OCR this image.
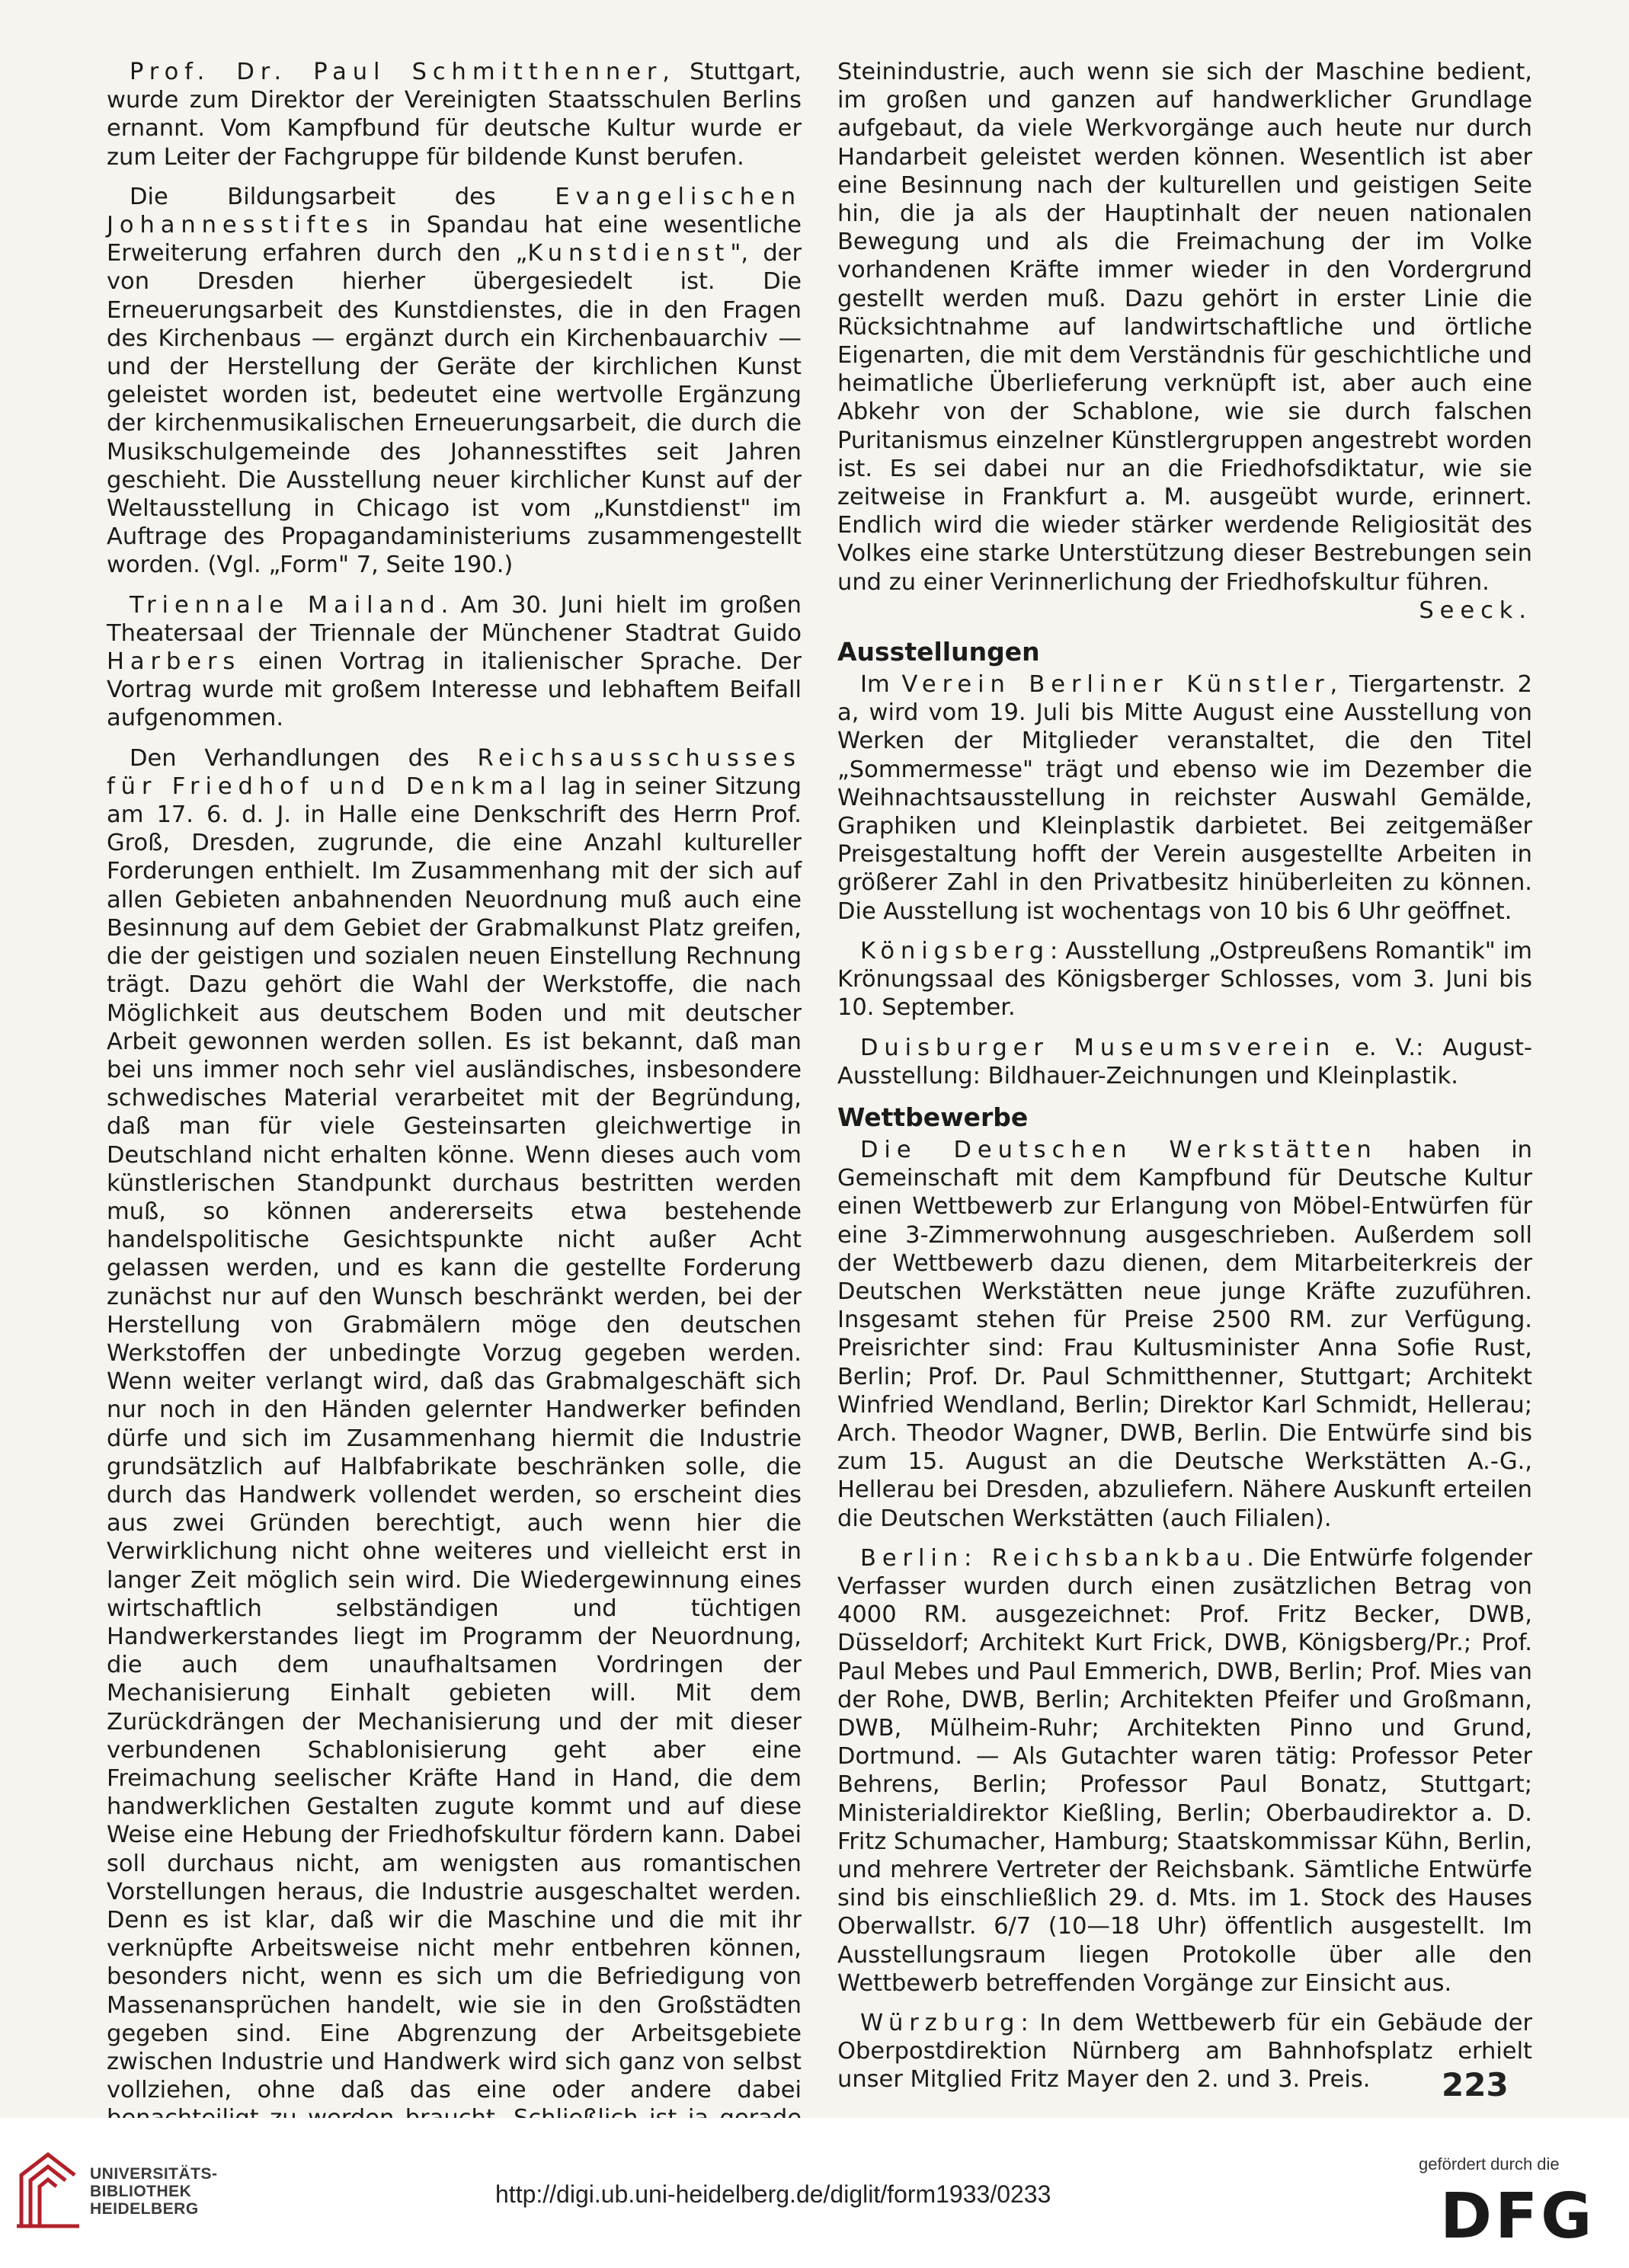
Prof. Dr. Paul Schmitthenner, Stuttgart, wurde zum Direktor der Vereinigten Staatsschulen Berlins ernannt. Vom Kampfbund für deutsche Kultur wurde er zum Leiter der Fachgruppe für bildende Kunst berufen.

Die Bildungsarbeit des Evangelischen Johannesstiftes in Spandau hat eine wesentliche Erweiterung erfahren durch den „Kunstdienst", der von Dresden hierher übergesiedelt ist. Die Erneuerungsarbeit des Kunstdienstes, die in den Fragen des Kirchenbaus — ergänzt durch ein Kirchenbauarchiv — und der Herstellung der Geräte der kirchlichen Kunst geleistet worden ist, bedeutet eine wertvolle Ergänzung der kirchenmusikalischen Erneuerungsarbeit, die durch die Musikschulgemeinde des Johannesstiftes seit Jahren geschieht. Die Ausstellung neuer kirchlicher Kunst auf der Weltausstellung in Chicago ist vom „Kunstdienst" im Auftrage des Propagandaministeriums zusammengestellt worden. (Vgl. „Form" 7, Seite 190.)

Triennale Mailand. Am 30. Juni hielt im großen Theatersaal der Triennale der Münchener Stadtrat Guido Harbers einen Vortrag in italienischer Sprache. Der Vortrag wurde mit großem Interesse und lebhaftem Beifall aufgenommen.

Den Verhandlungen des Reichsausschusses für Friedhof und Denkmal lag in seiner Sitzung am 17. 6. d. J. in Halle eine Denkschrift des Herrn Prof. Groß, Dresden, zugrunde, die eine Anzahl kultureller Forderungen enthielt. Im Zusammenhang mit der sich auf allen Gebieten anbahnenden Neuordnung muß auch eine Besinnung auf dem Gebiet der Grabmalkunst Platz greifen, die der geistigen und sozialen neuen Einstellung Rechnung trägt. Dazu gehört die Wahl der Werkstoffe, die nach Möglichkeit aus deutschem Boden und mit deutscher Arbeit gewonnen werden sollen. Es ist bekannt, daß man bei uns immer noch sehr viel ausländisches, insbesondere schwedisches Material verarbeitet mit der Begründung, daß man für viele Gesteinsarten gleichwertige in Deutschland nicht erhalten könne. Wenn dieses auch vom künstlerischen Standpunkt durchaus bestritten werden muß, so können andererseits etwa bestehende handelspolitische Gesichtspunkte nicht außer Acht gelassen werden, und es kann die gestellte Forderung zunächst nur auf den Wunsch beschränkt werden, bei der Herstellung von Grabmälern möge den deutschen Werkstoffen der unbedingte Vorzug gegeben werden. Wenn weiter verlangt wird, daß das Grabmalgeschäft sich nur noch in den Händen gelernter Handwerker befinden dürfe und sich im Zusammenhang hiermit die Industrie grundsätzlich auf Halbfabrikate beschränken solle, die durch das Handwerk vollendet werden, so erscheint dies aus zwei Gründen berechtigt, auch wenn hier die Verwirklichung nicht ohne weiteres und vielleicht erst in langer Zeit möglich sein wird. Die Wiedergewinnung eines wirtschaftlich selbständigen und tüchtigen Handwerkerstandes liegt im Programm der Neuordnung, die auch dem unaufhaltsamen Vordringen der Mechanisierung Einhalt gebieten will. Mit dem Zurückdrängen der Mechanisierung und der mit dieser verbundenen Schablonisierung geht aber eine Freimachung seelischer Kräfte Hand in Hand, die dem handwerklichen Gestalten zugute kommt und auf diese Weise eine Hebung der Friedhofskultur fördern kann. Dabei soll durchaus nicht, am wenigsten aus romantischen Vorstellungen heraus, die Industrie ausgeschaltet werden. Denn es ist klar, daß wir die Maschine und die mit ihr verknüpfte Arbeitsweise nicht mehr entbehren können, besonders nicht, wenn es sich um die Befriedigung von Massenansprüchen handelt, wie sie in den Großstädten gegeben sind. Eine Abgrenzung der Arbeitsgebiete zwischen Industrie und Handwerk wird sich ganz von selbst vollziehen, ohne daß das eine oder andere dabei

Steinindustrie, auch wenn sie sich der Maschine bedient, im großen und ganzen auf handwerklicher Grundlage aufgebaut, da viele Werkvorgänge auch heute nur durch Handarbeit geleistet werden können. Wesentlich ist aber eine Besinnung nach der kulturellen und geistigen Seite hin, die ja als der Hauptinhalt der neuen nationalen Bewegung und als die Freimachung der im Volke vorhandenen Kräfte immer wieder in den Vordergrund gestellt werden muß. Dazu gehört in erster Linie die Rücksichtnahme auf landwirtschaftliche und örtliche Eigenarten, die mit dem Verständnis für geschichtliche und heimatliche Überlieferung verknüpft ist, aber auch eine Abkehr von der Schablone, wie sie durch falschen Puritanismus einzelner Künstlergruppen angestrebt worden ist. Es sei dabei nur an die Friedhofsdiktatur, wie sie zeitweise in Frankfurt a. M. ausgeübt wurde, erinnert. Endlich wird die wieder stärker werdende Religiosität des Volkes eine starke Unterstützung dieser Bestrebungen sein und zu einer Verinnerlichung der Friedhofskultur führen.
Seeck.

Ausstellungen

Im Verein Berliner Künstler, Tiergartenstr. 2 a, wird vom 19. Juli bis Mitte August eine Ausstellung von Werken der Mitglieder veranstaltet, die den Titel „Sommermesse" trägt und ebenso wie im Dezember die Weihnachtsausstellung in reichster Auswahl Gemälde, Graphiken und Kleinplastik darbietet. Bei zeitgemäßer Preisgestaltung hofft der Verein ausgestellte Arbeiten in größerer Zahl in den Privatbesitz hinüberleiten zu können. Die Ausstellung ist wochentags von 10 bis 6 Uhr geöffnet.

Königsberg: Ausstellung „Ostpreußens Romantik" im Krönungssaal des Königsberger Schlosses, vom 3. Juni bis 10. September.

Duisburger Museumsverein e. V.: August-Ausstellung: Bildhauer-Zeichnungen und Kleinplastik.

Wettbewerbe

Die Deutschen Werkstätten haben in Gemeinschaft mit dem Kampfbund für Deutsche Kultur einen Wettbewerb zur Erlangung von Möbel-Entwürfen für eine 3-Zimmerwohnung ausgeschrieben. Außerdem soll der Wettbewerb dazu dienen, dem Mitarbeiterkreis der Deutschen Werkstätten neue junge Kräfte zuzuführen. Insgesamt stehen für Preise 2500 RM. zur Verfügung. Preisrichter sind: Frau Kultusminister Anna Sofie Rust, Berlin; Prof. Dr. Paul Schmitthenner, Stuttgart; Architekt Winfried Wendland, Berlin; Direktor Karl Schmidt, Hellerau; Arch. Theodor Wagner, DWB, Berlin. Die Entwürfe sind bis zum 15. August an die Deutsche Werkstätten A.-G., Hellerau bei Dresden, abzuliefern. Nähere Auskunft erteilen die Deutschen Werkstätten (auch Filialen).

Berlin: Reichsbankbau. Die Entwürfe folgender Verfasser wurden durch einen zusätzlichen Betrag von 4000 RM. ausgezeichnet: Prof. Fritz Becker, DWB, Düsseldorf; Architekt Kurt Frick, DWB, Königsberg/Pr.; Prof. Paul Mebes und Paul Emmerich, DWB, Berlin; Prof. Mies van der Rohe, DWB, Berlin; Architekten Pfeifer und Großmann, DWB, Mülheim-Ruhr; Architekten Pinno und Grund, Dortmund. — Als Gutachter waren tätig: Professor Peter Behrens, Berlin; Professor Paul Bonatz, Stuttgart; Ministerialdirektor Kießling, Berlin; Oberbaudirektor a. D. Fritz Schumacher, Hamburg; Staatskommissar Kühn, Berlin, und mehrere Vertreter der Reichsbank. Sämtliche Entwürfe sind bis einschließlich 29. d. Mts. im 1. Stock des Hauses Oberwallstr. 6/7 (10—18 Uhr) öffentlich ausgestellt. Im Ausstellungsraum liegen Protokolle über alle den Wettbewerb betreffenden Vorgänge zur Einsicht aus.

Würzburg: In dem Wettbewerb für ein Gebäude der Oberpostdirektion Nürnberg am Bahnhofsplatz erhielt unser Mitglied Fritz Mayer den 2. und 3. Preis.	223
UNIVERSITÄTS-
BIBLIOTHEK
HEIDELBERG
http://digi.ub.uni-heidelberg.de/diglit/form1933/0233
gefördert durch die
DFG
